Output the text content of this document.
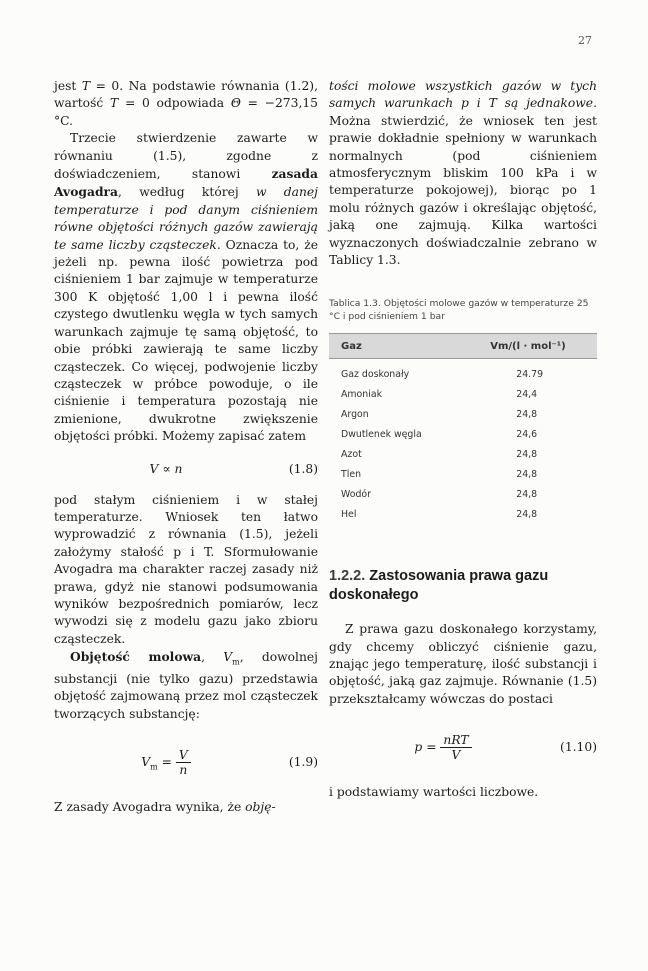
27

jest T = 0. Na podstawie równania (1.2), wartość T = 0 odpowiada Θ = −273,15 °C.

Trzecie stwierdzenie zawarte w równaniu (1.5), zgodne z doświadczeniem, stanowi zasada Avogadra, według której w danej temperaturze i pod danym ciśnieniem równe objętości różnych gazów zawierają te same liczby cząsteczek. Oznacza to, że jeżeli np. pewna ilość powietrza pod ciśnieniem 1 bar zajmuje w temperaturze 300 K objętość 1,00 l i pewna ilość czystego dwutlenku węgla w tych samych warunkach zajmuje tę samą objętość, to obie próbki zawierają te same liczby cząsteczek. Co więcej, podwojenie liczby cząsteczek w próbce powoduje, o ile ciśnienie i temperatura pozostają nie zmienione, dwukrotne zwiększenie objętości próbki. Możemy zapisać zatem

V ∝ n	(1.8)

pod stałym ciśnieniem i w stałej temperaturze. Wniosek ten łatwo wyprowadzić z równania (1.5), jeżeli założymy stałość p i T. Sformułowanie Avogadra ma charakter raczej zasady niż prawa, gdyż nie stanowi podsumowania wyników bezpośrednich pomiarów, lecz wywodzi się z modelu gazu jako zbioru cząsteczek.

Objętość molowa, $V_m$, dowolnej substancji (nie tylko gazu) przedstawia objętość zajmowaną przez mol cząsteczek tworzących substancję:

$V_m = \frac{V}{n}$	(1.9)

Z zasady Avogadra wynika, że obję-

tości molowe wszystkich gazów w tych samych warunkach p i T są jednakowe. Można stwierdzić, że wniosek ten jest prawie dokładnie spełniony w warunkach normalnych (pod ciśnieniem atmosferycznym bliskim 100 kPa i w temperaturze pokojowej), biorąc po 1 molu różnych gazów i określając objętość, jaką one zajmują. Kilka wartości wyznaczonych doświadczalnie zebrano w Tablicy 1.3.

Tablica 1.3. Objętości molowe gazów w temperaturze 25 °C i pod ciśnieniem 1 bar
Gaz	Vm/(l · mol⁻¹)
Gaz doskonały	24.79
Amoniak	24,4
Argon	24,8
Dwutlenek węgla	24,6
Azot	24,8
Tlen	24,8
Wodór	24,8
Hel	24,8
1.2.2. Zastosowania prawa gazu doskonałego

Z prawa gazu doskonałego korzystamy, gdy chcemy obliczyć ciśnienie gazu, znając jego temperaturę, ilość substancji i objętość, jaką gaz zajmuje. Równanie (1.5) przekształcamy wówczas do postaci

$p = \frac{\text{nRT}}{V}$	(1.10)

i podstawiamy wartości liczbowe.
